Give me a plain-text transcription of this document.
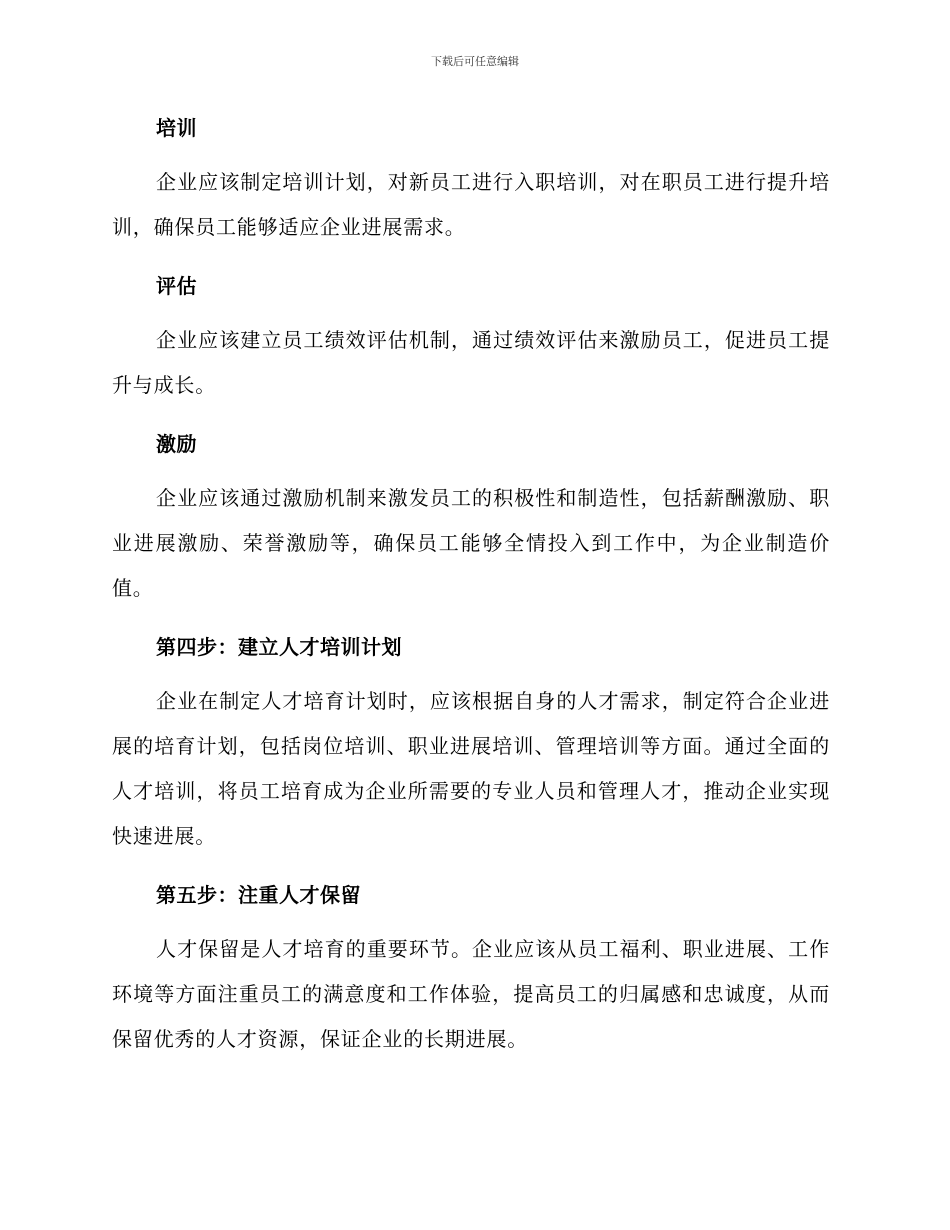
下载后可任意编辑

培训

企业应该制定培训计划，对新员工进行入职培训，对在职员工进行提升培训，确保员工能够适应企业进展需求。

评估

企业应该建立员工绩效评估机制，通过绩效评估来激励员工，促进员工提升与成长。

激励

企业应该通过激励机制来激发员工的积极性和制造性，包括薪酬激励、职业进展激励、荣誉激励等，确保员工能够全情投入到工作中，为企业制造价值。

第四步：建立人才培训计划

企业在制定人才培育计划时，应该根据自身的人才需求，制定符合企业进展的培育计划，包括岗位培训、职业进展培训、管理培训等方面。通过全面的人才培训，将员工培育成为企业所需要的专业人员和管理人才，推动企业实现快速进展。

第五步：注重人才保留

人才保留是人才培育的重要环节。企业应该从员工福利、职业进展、工作环境等方面注重员工的满意度和工作体验，提高员工的归属感和忠诚度，从而保留优秀的人才资源，保证企业的长期进展。
